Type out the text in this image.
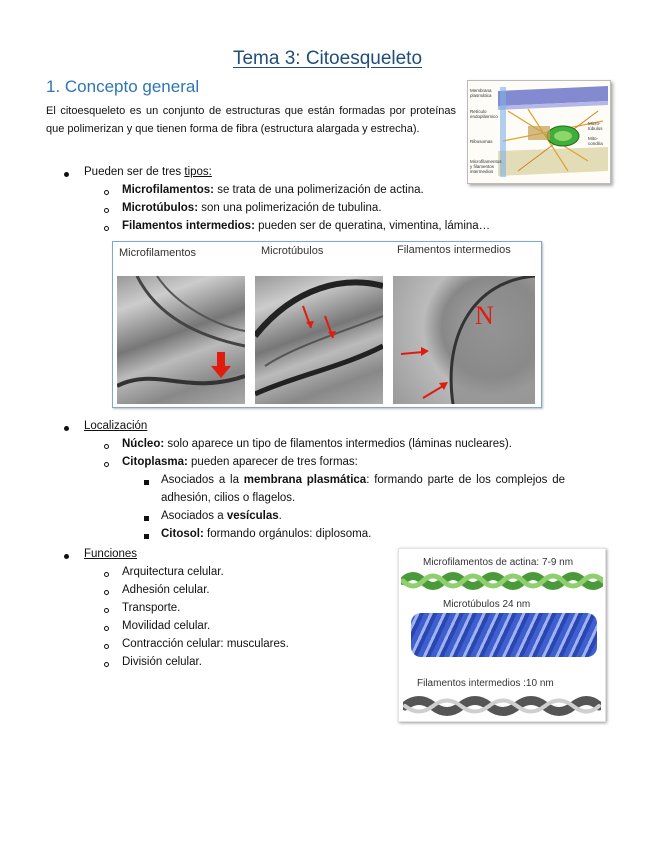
Tema 3: Citoesqueleto
1. Concepto general
El citoesqueleto es un conjunto de estructuras que están formadas por proteínas que polimerizan y que tienen forma de fibra (estructura alargada y estrecha).
Membrana plasmática
Retículo endoplásmico
Ribosomas
Microfilamentos y filamentos intermedios
Micro-túbulos
Mito-condria
Pueden ser de tres tipos:
Microfilamentos: se trata de una polimerización de actina.
Microtúbulos: son una polimerización de tubulina.
Filamentos intermedios: pueden ser de queratina, vimentina, lámina…
Microfilamentos	Microtúbulos	Filamentos intermedios
N
Localización
Núcleo: solo aparece un tipo de filamentos intermedios (láminas nucleares).
Citoplasma: pueden aparecer de tres formas:
Asociados a la membrana plasmática: formando parte de los complejos de
adhesión, cilios o flagelos.
Asociados a vesículas.
Citosol: formando orgánulos: diplosoma.
Funciones
Arquitectura celular.
Adhesión celular.
Transporte.
Movilidad celular.
Contracción celular: musculares.
División celular.
Microfilamentos de actina: 7-9 nm
Microtúbulos 24 nm
Filamentos intermedios :10 nm
